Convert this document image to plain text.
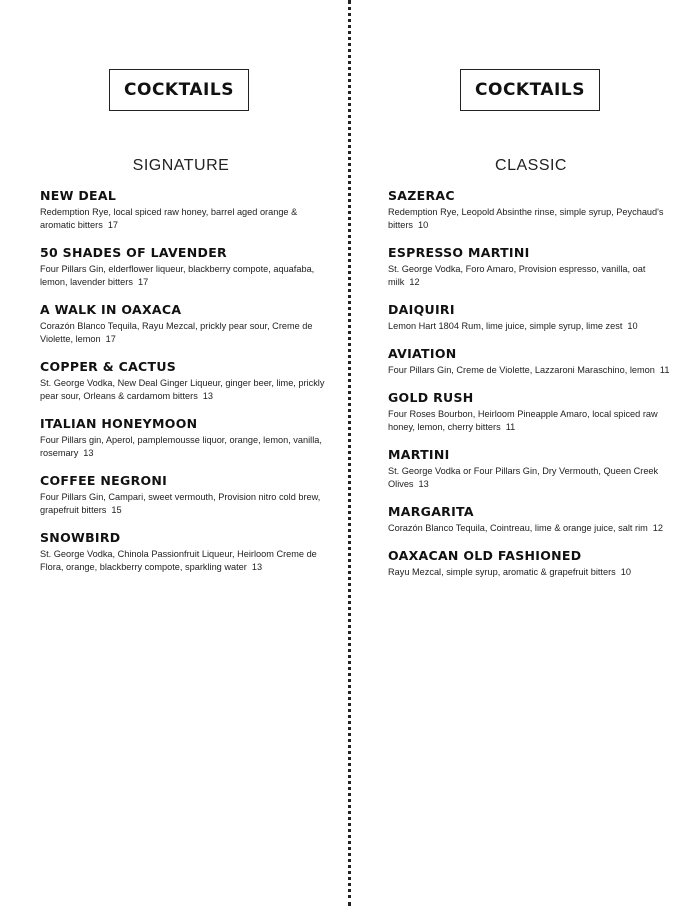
COCKTAILS
SIGNATURE
NEW DEAL
Redemption Rye, local spiced raw honey, barrel aged orange & aromatic bitters 17
50 SHADES OF LAVENDER
Four Pillars Gin, elderflower liqueur, blackberry compote, aquafaba, lemon, lavender bitters 17
A WALK IN OAXACA
Corazón Blanco Tequila, Rayu Mezcal, prickly pear sour, Creme de Violette, lemon 17
COPPER & CACTUS
St. George Vodka, New Deal Ginger Liqueur, ginger beer, lime, prickly pear sour, Orleans & cardamom bitters 13
ITALIAN HONEYMOON
Four Pillars gin, Aperol, pamplemousse liquor, orange, lemon, vanilla, rosemary 13
COFFEE NEGRONI
Four Pillars Gin, Campari, sweet vermouth, Provision nitro cold brew, grapefruit bitters 15
SNOWBIRD
St. George Vodka, Chinola Passionfruit Liqueur, Heirloom Creme de Flora, orange, blackberry compote, sparkling water 13
COCKTAILS
CLASSIC
SAZERAC
Redemption Rye, Leopold Absinthe rinse, simple syrup, Peychaud's bitters 10
ESPRESSO MARTINI
St. George Vodka, Foro Amaro, Provision espresso, vanilla, oat milk 12
DAIQUIRI
Lemon Hart 1804 Rum, lime juice, simple syrup, lime zest 10
AVIATION
Four Pillars Gin, Creme de Violette, Lazzaroni Maraschino, lemon 11
GOLD RUSH
Four Roses Bourbon, Heirloom Pineapple Amaro, local spiced raw honey, lemon, cherry bitters 11
MARTINI
St. George Vodka or Four Pillars Gin, Dry Vermouth, Queen Creek Olives 13
MARGARITA
Corazón Blanco Tequila, Cointreau, lime & orange juice, salt rim 12
OAXACAN OLD FASHIONED
Rayu Mezcal, simple syrup, aromatic & grapefruit bitters 10
